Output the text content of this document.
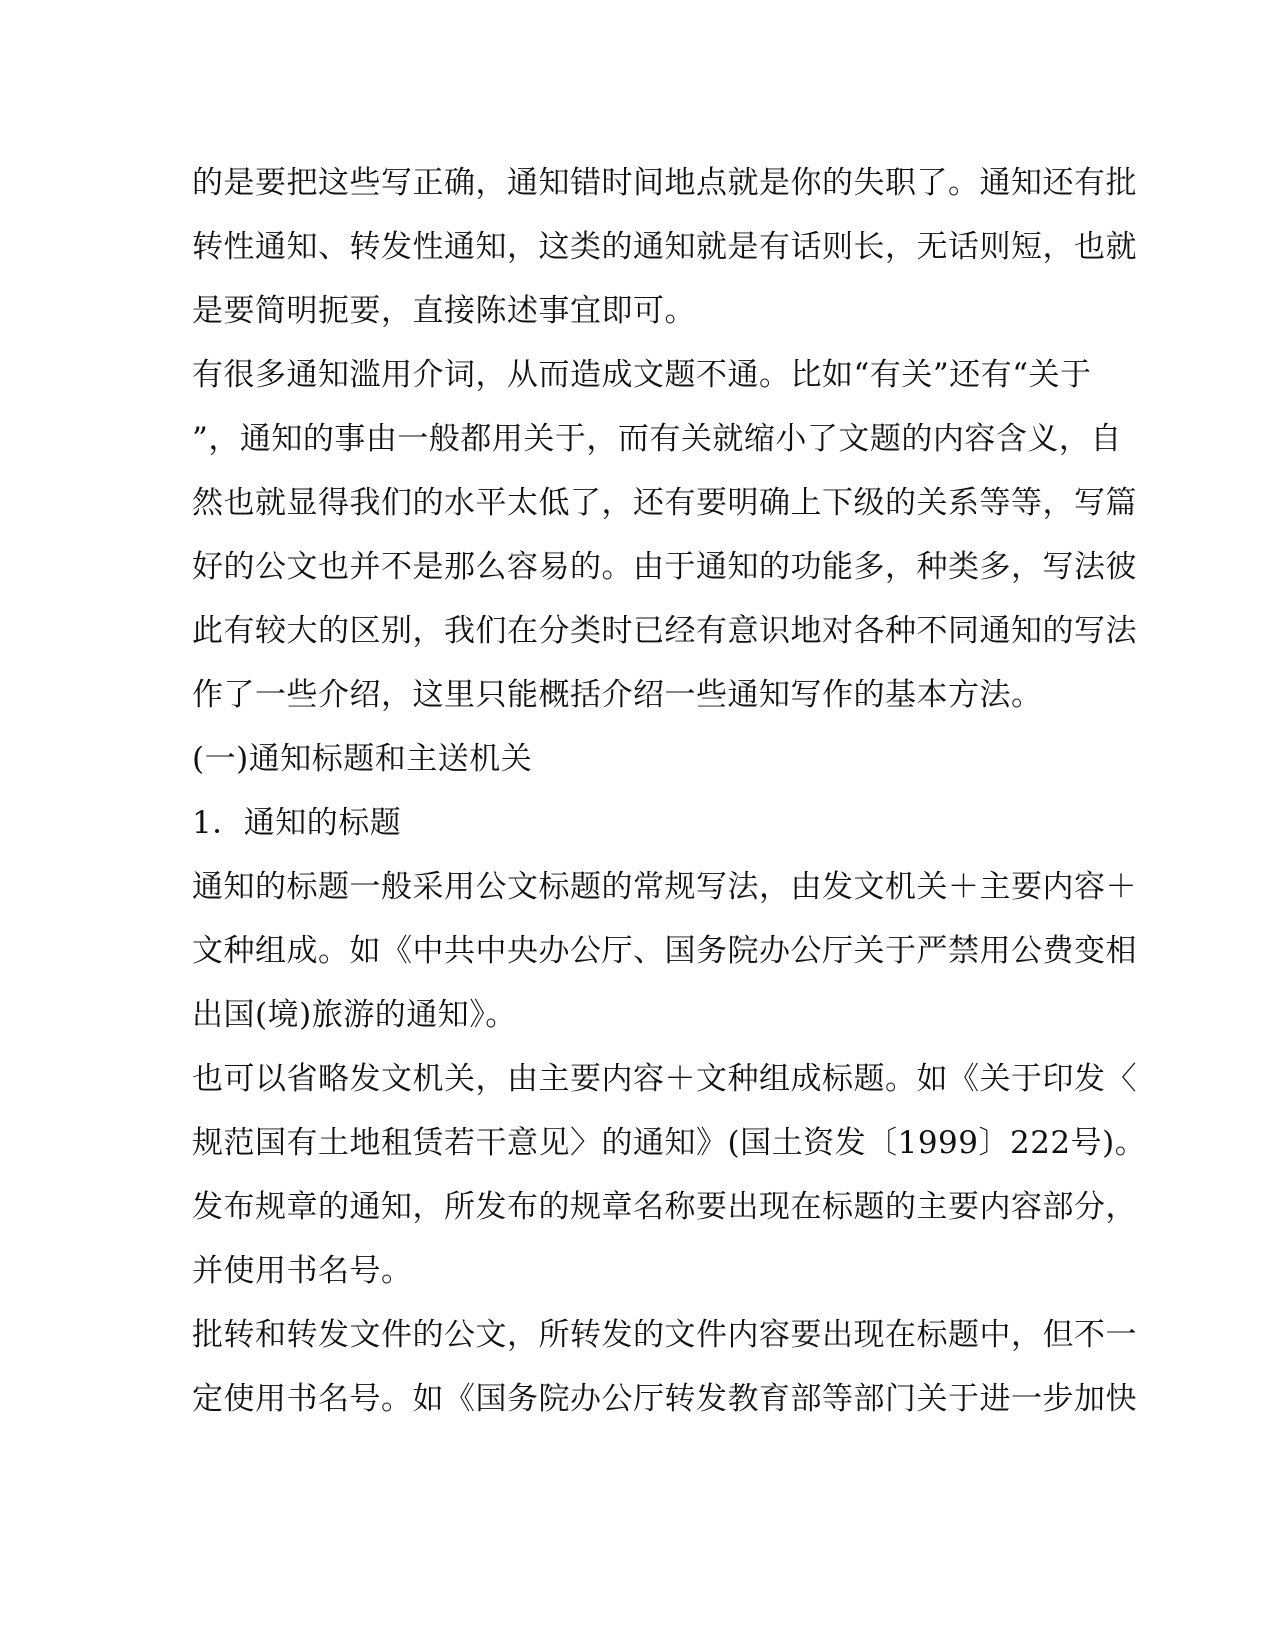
的是要把这些写正确，通知错时间地点就是你的失职了。通知还有批
转性通知、转发性通知，这类的通知就是有话则长，无话则短，也就
是要简明扼要，直接陈述事宜即可。
有很多通知滥用介词，从而造成文题不通。比如“有关”还有“关于
”，通知的事由一般都用关于，而有关就缩小了文题的内容含义，自
然也就显得我们的水平太低了，还有要明确上下级的关系等等，写篇
好的公文也并不是那么容易的。由于通知的功能多，种类多，写法彼
此有较大的区别，我们在分类时已经有意识地对各种不同通知的写法
作了一些介绍，这里只能概括介绍一些通知写作的基本方法。
(一)通知标题和主送机关
1．通知的标题
通知的标题一般采用公文标题的常规写法，由发文机关＋主要内容＋
文种组成。如《中共中央办公厅、国务院办公厅关于严禁用公费变相
出国(境)旅游的通知》。
也可以省略发文机关，由主要内容＋文种组成标题。如《关于印发〈
规范国有土地租赁若干意见〉的通知》(国土资发〔1999〕222号)。
发布规章的通知，所发布的规章名称要出现在标题的主要内容部分，
并使用书名号。
批转和转发文件的公文，所转发的文件内容要出现在标题中，但不一
定使用书名号。如《国务院办公厅转发教育部等部门关于进一步加快
